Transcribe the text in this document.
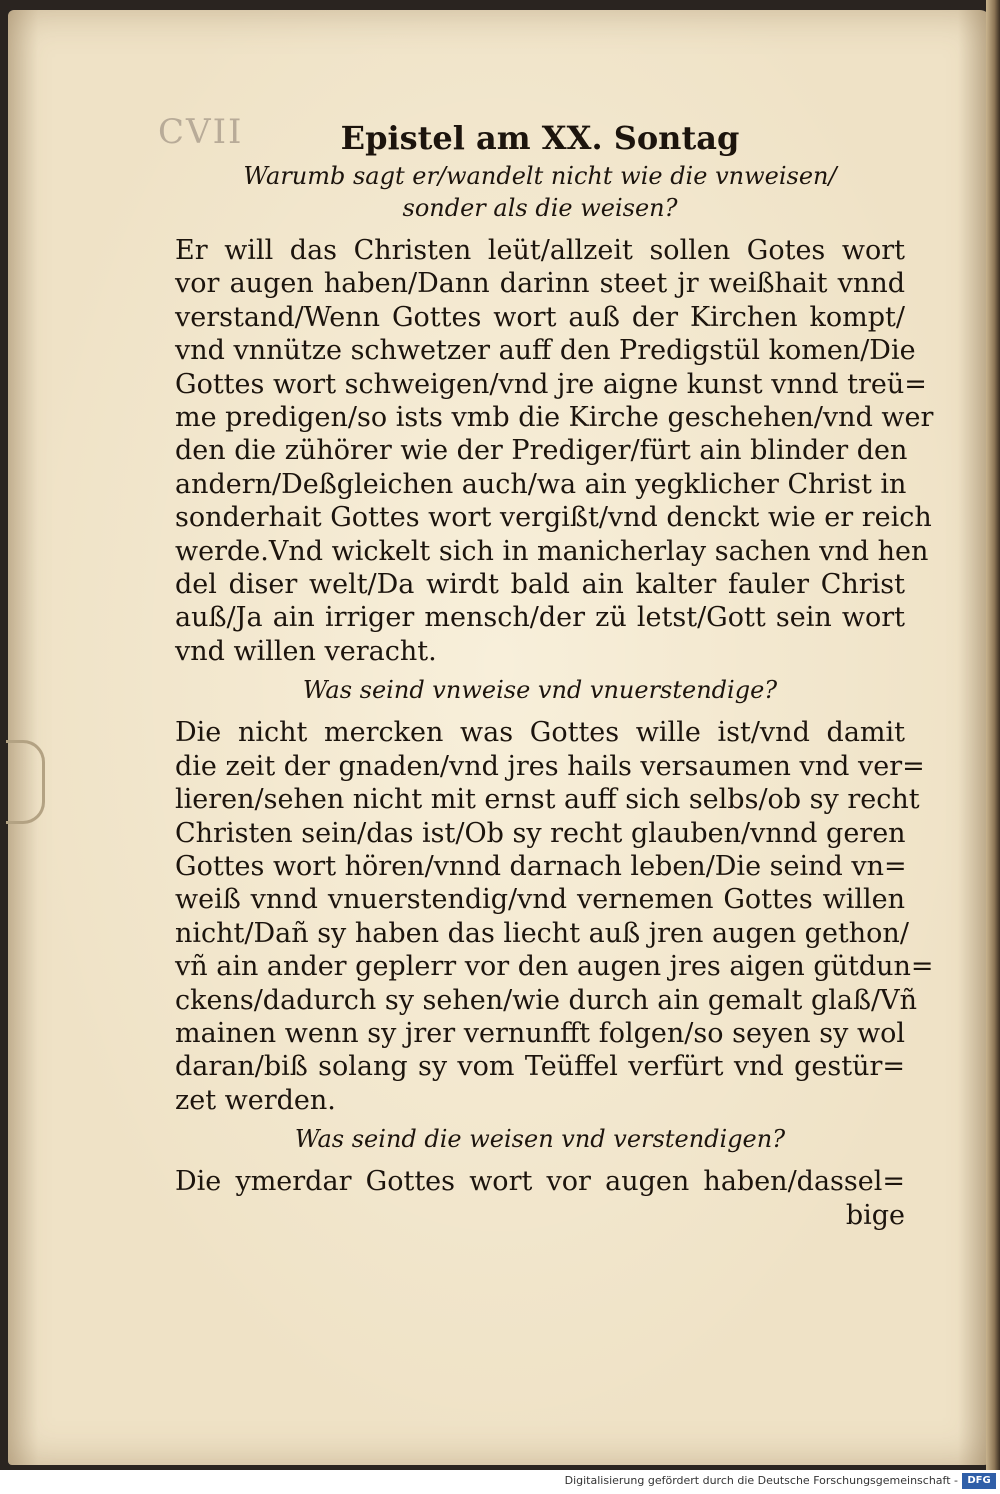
CVII	Epistel am XX. Sontag
Warumb sagt er/wandelt nicht wie die vnweisen/
sonder als die weisen?
Er will das Christen leüt/allzeit sollen Gotes wort
vor augen haben/Dann darinn steet jr weißhait vnnd
verstand/Wenn Gottes wort auß der Kirchen kompt/
vnd vnnütze schwetzer auff den Predigstül komen/Die
Gottes wort schweigen/vnd jre aigne kunst vnnd treü=
me predigen/so ists vmb die Kirche geschehen/vnd wer
den die zühörer wie der Prediger/fürt ain blinder den
andern/Deßgleichen auch/wa ain yegklicher Christ in
sonderhait Gottes wort vergißt/vnd denckt wie er reich
werde.Vnd wickelt sich in manicherlay sachen vnd hen
del diser welt/Da wirdt bald ain kalter fauler Christ
auß/Ja ain irriger mensch/der zü letst/Gott sein wort
vnd willen veracht.
Was seind vnweise vnd vnuerstendige?
Die nicht mercken was Gottes wille ist/vnd damit
die zeit der gnaden/vnd jres hails versaumen vnd ver=
lieren/sehen nicht mit ernst auff sich selbs/ob sy recht
Christen sein/das ist/Ob sy recht glauben/vnnd geren
Gottes wort hören/vnnd darnach leben/Die seind vn=
weiß vnnd vnuerstendig/vnd vernemen Gottes willen
nicht/Dañ sy haben das liecht auß jren augen gethon/
vñ ain ander geplerr vor den augen jres aigen gütdun=
ckens/dadurch sy sehen/wie durch ain gemalt glaß/Vñ
mainen wenn sy jrer vernunfft folgen/so seyen sy wol
daran/biß solang sy vom Teüffel verfürt vnd gestür=
zet werden.
Was seind die weisen vnd verstendigen?
Die ymerdar Gottes wort vor augen haben/dassel=
bige
Digitalisierung gefördert durch die Deutsche Forschungsgemeinschaft - DFG
